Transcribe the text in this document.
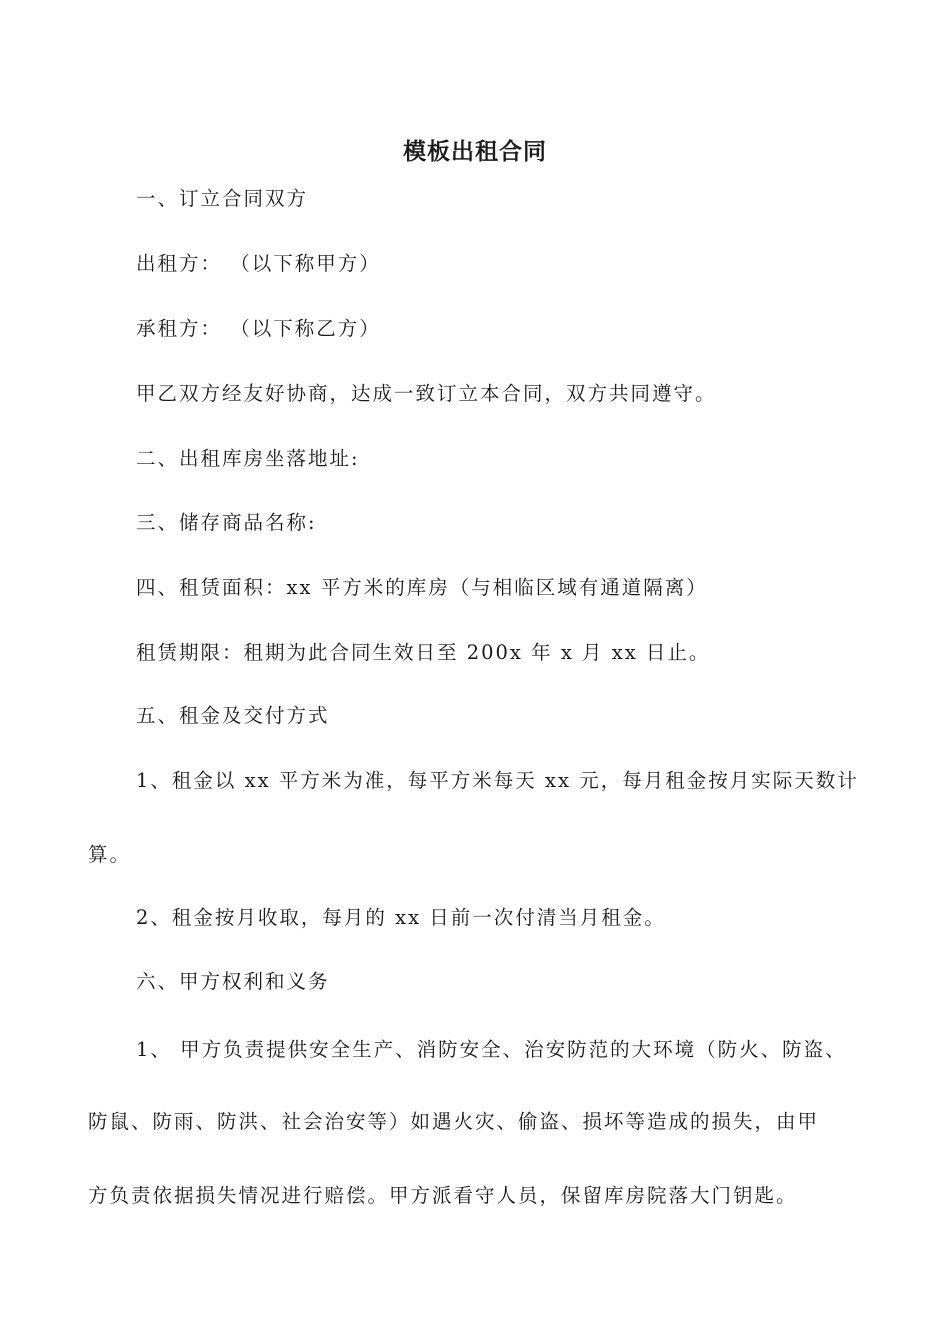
模板出租合同
一、订立合同双方
出租方： （以下称甲方）
承租方： （以下称乙方）
甲乙双方经友好协商，达成一致订立本合同，双方共同遵守。
二、出租库房坐落地址:
三、储存商品名称:
四、租赁面积：xx 平方米的库房（与相临区域有通道隔离）
租赁期限：租期为此合同生效日至 200x 年 x 月 xx 日止。
五、租金及交付方式
1、租金以 xx 平方米为准，每平方米每天 xx 元，每月租金按月实际天数计
算。
2、租金按月收取，每月的 xx 日前一次付清当月租金。
六、甲方权利和义务
1、 甲方负责提供安全生产、消防安全、治安防范的大环境（防火、防盗、
防鼠、防雨、防洪、社会治安等）如遇火灾、偷盗、损坏等造成的损失，由甲
方负责依据损失情况进行赔偿。甲方派看守人员，保留库房院落大门钥匙。
